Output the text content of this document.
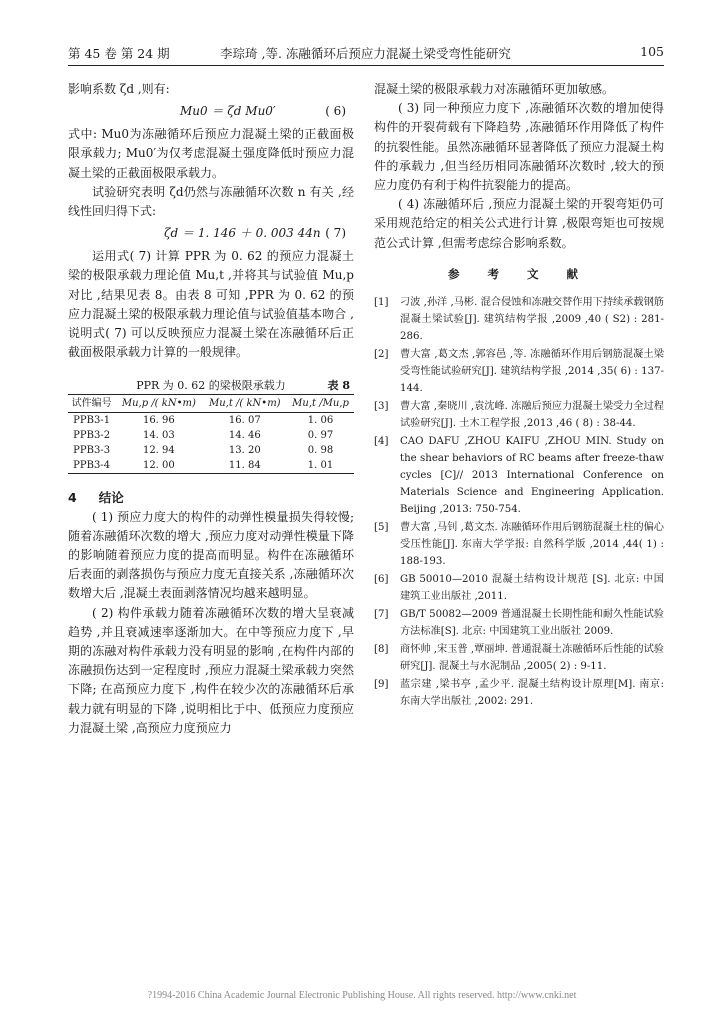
第 45 卷 第 24 期	李琮琦 ,等. 冻融循环后预应力混凝土梁受弯性能研究	105

影响系数 ζd ,则有:

Mu0 ＝ ζd Mu0′	( 6)

式中: Mu0为冻融循环后预应力混凝土梁的正截面极限承载力; Mu0′为仅考虑混凝土强度降低时预应力混凝土梁的正截面极限承载力。

试验研究表明 ζd仍然与冻融循环次数 n 有关 ,经线性回归得下式:

ζd ＝ 1. 146 ＋ 0. 003 44n ( 7)

运用式( 7) 计算 PPR 为 0. 62 的预应力混凝土梁的极限承载力理论值 Mu,t ,并将其与试验值 Mu,p对比 ,结果见表 8。由表 8 可知 ,PPR 为 0. 62 的预应力混凝土梁的极限承载力理论值与试验值基本吻合 ,说明式( 7) 可以反映预应力混凝土梁在冻融循环后正截面极限承载力计算的一般规律。

PPR 为 0. 62 的梁极限承载力	表 8
试件编号	Mu,p /( kN•m)	Mu,t /( kN•m)	Mu,t /Mu,p
PPB3-1	16. 96	16. 07	1. 06
PPB3-2	14. 03	14. 46	0. 97
PPB3-3	12. 94	13. 20	0. 98
PPB3-4	12. 00	11. 84	1. 01
4 结论

( 1) 预应力度大的构件的动弹性模量损失得较慢; 随着冻融循环次数的增大 ,预应力度对动弹性模量下降的影响随着预应力度的提高而明显。构件在冻融循环后表面的剥落损伤与预应力度无直接关系 ,冻融循环次数增大后 ,混凝土表面剥落情况均越来越明显。

( 2) 构件承载力随着冻融循环次数的增大呈衰减趋势 ,并且衰减速率逐渐加大。在中等预应力度下 ,早期的冻融对构件承载力没有明显的影响 ,在构件内部的冻融损伤达到一定程度时 ,预应力混凝土梁承载力突然下降; 在高预应力度下 ,构件在较少次的冻融循环后承载力就有明显的下降 ,说明相比于中、低预应力度预应力混凝土梁 ,高预应力度预应力

混凝土梁的极限承载力对冻融循环更加敏感。

( 3) 同一种预应力度下 ,冻融循环次数的增加使得构件的开裂荷载有下降趋势 ,冻融循环作用降低了构件的抗裂性能。虽然冻融循环显著降低了预应力混凝土构件的承载力 ,但当经历相同冻融循环次数时 ,较大的预应力度仍有利于构件抗裂能力的提高。

( 4) 冻融循环后 ,预应力混凝土梁的开裂弯矩仍可采用规范给定的相关公式进行计算 ,极限弯矩也可按规范公式计算 ,但需考虑综合影响系数。

参 考 文 献
[1] 刁波 ,孙洋 ,马彬. 混合侵蚀和冻融交替作用下持续承载钢筋混凝土梁试验[J]. 建筑结构学报 ,2009 ,40 ( S2) : 281-286.
[2] 曹大富 ,葛文杰 ,郭容邑 ,等. 冻融循环作用后钢筋混凝土梁受弯性能试验研究[J]. 建筑结构学报 ,2014 ,35( 6) : 137-144.
[3] 曹大富 ,秦晓川 ,袁沈峰. 冻融后预应力混凝土梁受力全过程试验研究[J]. 土木工程学报 ,2013 ,46 ( 8) : 38-44.
[4] CAO DAFU ,ZHOU KAIFU ,ZHOU MIN. Study on the shear behaviors of RC beams after freeze-thaw cycles [C]// 2013 International Conference on Materials Science and Engineering Application. Beijing ,2013: 750-754.
[5] 曹大富 ,马钊 ,葛文杰. 冻融循环作用后钢筋混凝土柱的偏心受压性能[J]. 东南大学学报: 自然科学版 ,2014 ,44( 1) : 188-193.
[6] GB 50010—2010 混凝土结构设计规范 [S]. 北京: 中国建筑工业出版社 ,2011.
[7] GB/T 50082—2009 普通混凝土长期性能和耐久性能试验方法标准[S]. 北京: 中国建筑工业出版社 2009.
[8] 商怀帅 ,宋玉普 ,覃丽坤. 普通混凝土冻融循环后性能的试验研究[J]. 混凝土与水泥制品 ,2005( 2) : 9-11.
[9] 蓝宗建 ,梁书亭 ,孟少平. 混凝土结构设计原理[M]. 南京: 东南大学出版社 ,2002: 291.
?1994-2016 China Academic Journal Electronic Publishing House. All rights reserved. http://www.cnki.net
